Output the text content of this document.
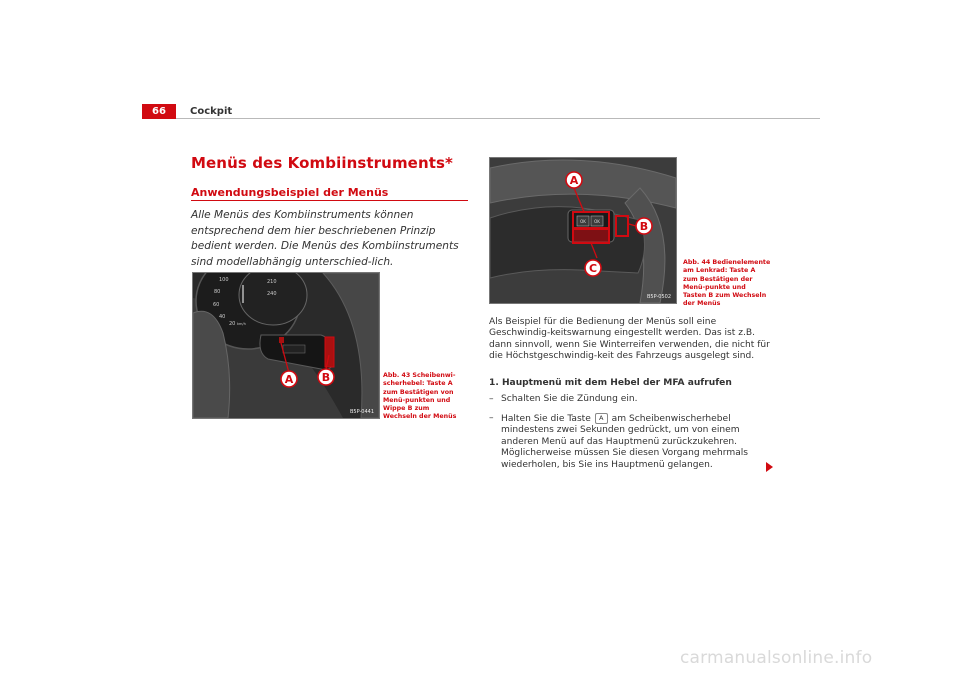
66	Cockpit
Menüs des Kombiinstruments*
Anwendungsbeispiel der Menüs
Alle Menüs des Kombiinstruments können entsprechend dem hier beschriebenen Prinzip bedient werden. Die Menüs des Kombiinstruments sind modellabhängig unterschied-lich.
100
80
60
40
20 km/h
210
240
A	B
B5P-0441
Abb. 43 Scheibenwi-scherhebel: Taste A zum Bestätigen von Menü-punkten und Wippe B zum Wechseln der Menüs
OK OK
A
B
C
B5P-0502
Abb. 44 Bedienelemente am Lenkrad: Taste A zum Bestätigen der Menü-punkte und Tasten B zum Wechseln der Menüs
Als Beispiel für die Bedienung der Menüs soll eine Geschwindig-keitswarnung eingestellt werden. Das ist z.B. dann sinnvoll, wenn Sie Winterreifen verwenden, die nicht für die Höchstgeschwindig-keit des Fahrzeugs ausgelegt sind.
1. Hauptmenü mit dem Hebel der MFA aufrufen
– Schalten Sie die Zündung ein.
– Halten Sie die Taste A am Scheibenwischerhebel mindestens zwei Sekunden gedrückt, um von einem anderen Menü auf das Hauptmenü zurückzukehren. Möglicherweise müssen Sie diesen Vorgang mehrmals wiederholen, bis Sie ins Hauptmenü gelangen.
carmanualsonline.info
